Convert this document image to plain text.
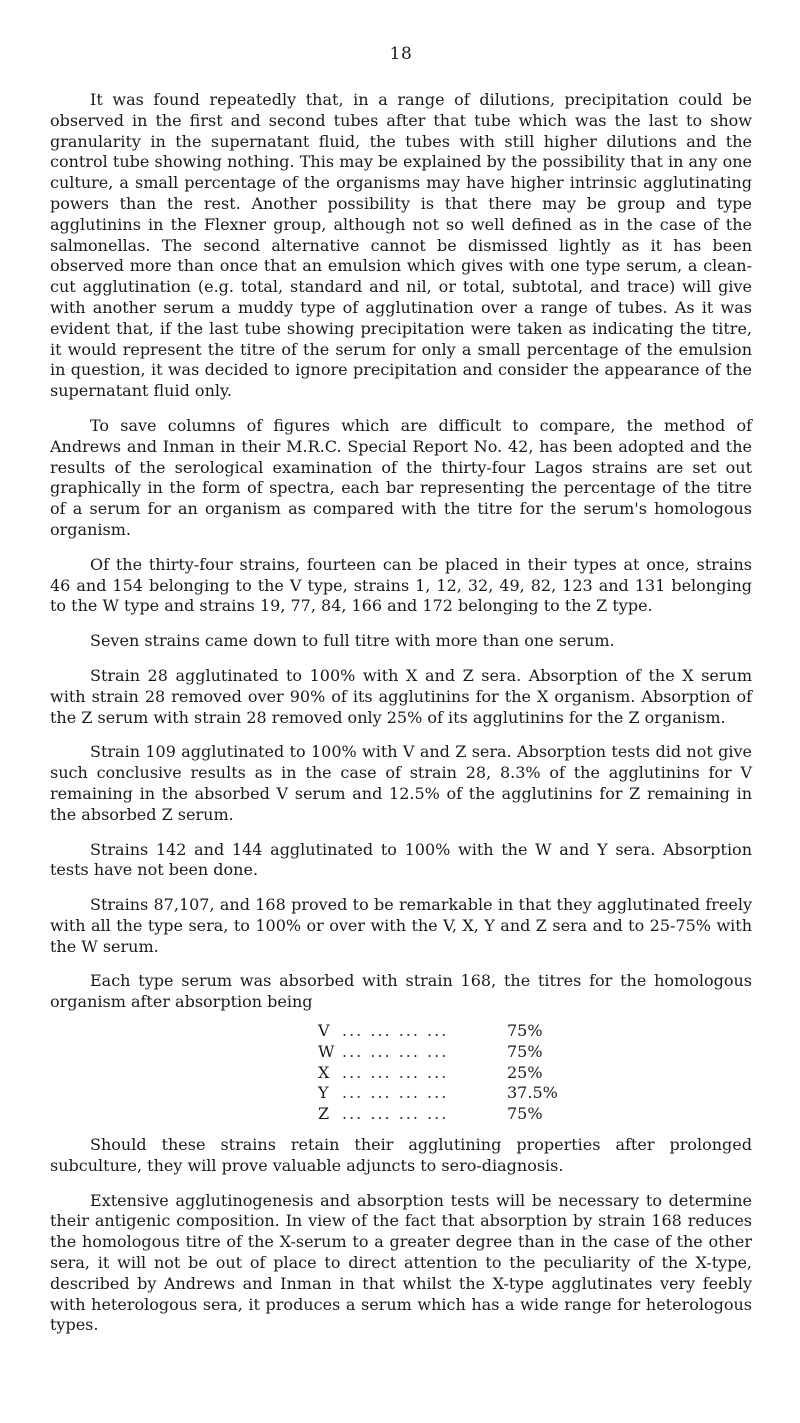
18

It was found repeatedly that, in a range of dilutions, precipitation could be observed in the first and second tubes after that tube which was the last to show granularity in the supernatant fluid, the tubes with still higher dilutions and the control tube showing nothing. This may be explained by the possibility that in any one culture, a small percentage of the organisms may have higher intrinsic agglutinating powers than the rest. Another possibility is that there may be group and type agglutinins in the Flexner group, although not so well defined as in the case of the salmonellas. The second alternative cannot be dismissed lightly as it has been observed more than once that an emulsion which gives with one type serum, a clean-cut agglutination (e.g. total, standard and nil, or total, subtotal, and trace) will give with another serum a muddy type of agglutination over a range of tubes. As it was evident that, if the last tube showing precipitation were taken as indicating the titre, it would represent the titre of the serum for only a small percentage of the emulsion in question, it was decided to ignore precipitation and consider the appearance of the supernatant fluid only.

To save columns of figures which are difficult to compare, the method of Andrews and Inman in their M.R.C. Special Report No. 42, has been adopted and the results of the serological examination of the thirty-four Lagos strains are set out graphically in the form of spectra, each bar representing the percentage of the titre of a serum for an organism as compared with the titre for the serum's homologous organism.

Of the thirty-four strains, fourteen can be placed in their types at once, strains 46 and 154 belonging to the V type, strains 1, 12, 32, 49, 82, 123 and 131 belonging to the W type and strains 19, 77, 84, 166 and 172 belonging to the Z type.

Seven strains came down to full titre with more than one serum.

Strain 28 agglutinated to 100% with X and Z sera. Absorption of the X serum with strain 28 removed over 90% of its agglutinins for the X organism. Absorption of the Z serum with strain 28 removed only 25% of its agglutinins for the Z organism.

Strain 109 agglutinated to 100% with V and Z sera. Absorption tests did not give such conclusive results as in the case of strain 28, 8.3% of the agglutinins for V remaining in the absorbed V serum and 12.5% of the agglutinins for Z remaining in the absorbed Z serum.

Strains 142 and 144 agglutinated to 100% with the W and Y sera. Absorption tests have not been done.

Strains 87,107, and 168 proved to be remarkable in that they agglutinated freely with all the type sera, to 100% or over with the V, X, Y and Z sera and to 25-75% with the W serum.

Each type serum was absorbed with strain 168, the titres for the homologous organism after absorption being

V	... ... ... ...	75%
W	... ... ... ...	75%
X	... ... ... ...	25%
Y	... ... ... ...	37.5%
Z	... ... ... ...	75%

Should these strains retain their agglutining properties after prolonged subculture, they will prove valuable adjuncts to sero-diagnosis.

Extensive agglutinogenesis and absorption tests will be necessary to determine their antigenic composition. In view of the fact that absorption by strain 168 reduces the homologous titre of the X-serum to a greater degree than in the case of the other sera, it will not be out of place to direct attention to the peculiarity of the X-type, described by Andrews and Inman in that whilst the X-type agglutinates very feebly with heterologous sera, it produces a serum which has a wide range for heterologous types.
